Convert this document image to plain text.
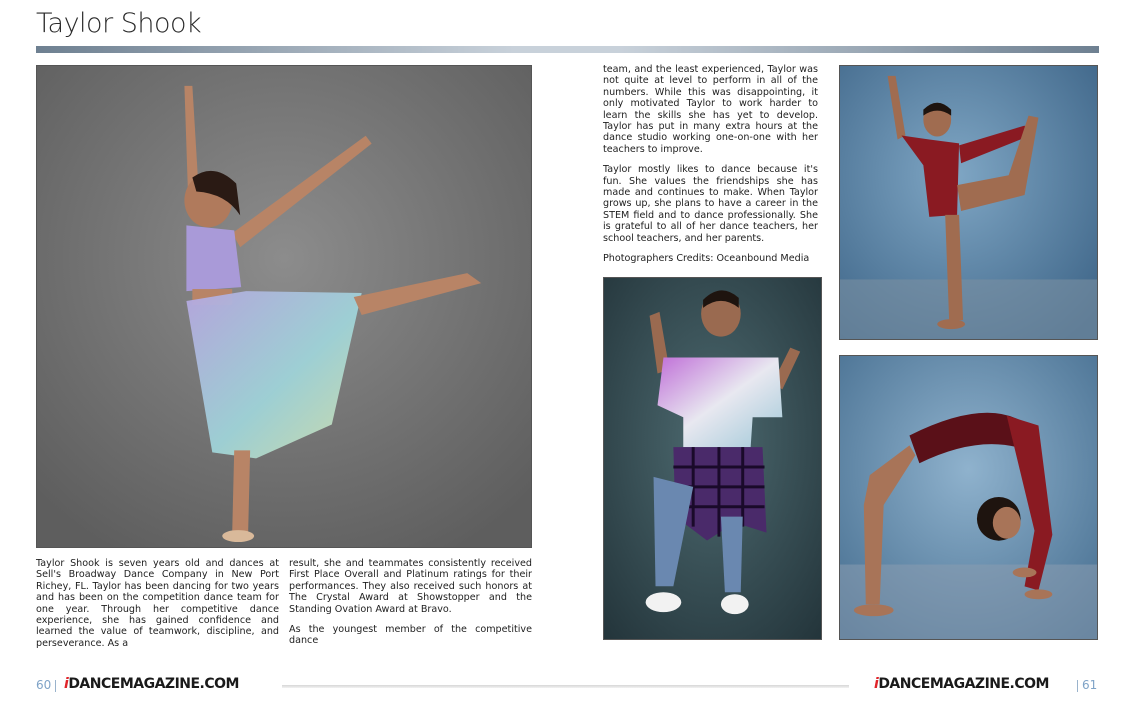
Taylor Shook

Taylor Shook is seven years old and dances at Sell's Broadway Dance Company in New Port Richey, FL. Taylor has been dancing for two years and has been on the competition dance team for one year. Through her competitive dance experience, she has gained confidence and learned the value of teamwork, discipline, and perseverance. As a

result, she and teammates consistently received First Place Overall and Platinum ratings for their performances. They also received such honors at The Crystal Award at Showstopper and the Standing Ovation Award at Bravo.

As the youngest member of the competitive dance

team, and the least experienced, Taylor was not quite at level to perform in all of the numbers. While this was disappointing, it only motivated Taylor to work harder to learn the skills she has yet to develop. Taylor has put in many extra hours at the dance studio working one-on-one with her teachers to improve.

Taylor mostly likes to dance because it's fun. She values the friendships she has made and continues to make. When Taylor grows up, she plans to have a career in the STEM field and to dance professionally. She is grateful to all of her dance teachers, her school teachers, and her parents.

Photographers Credits: Oceanbound Media

60 iDANCEMAGAZINE.COM	iDANCEMAGAZINE.COM	61
